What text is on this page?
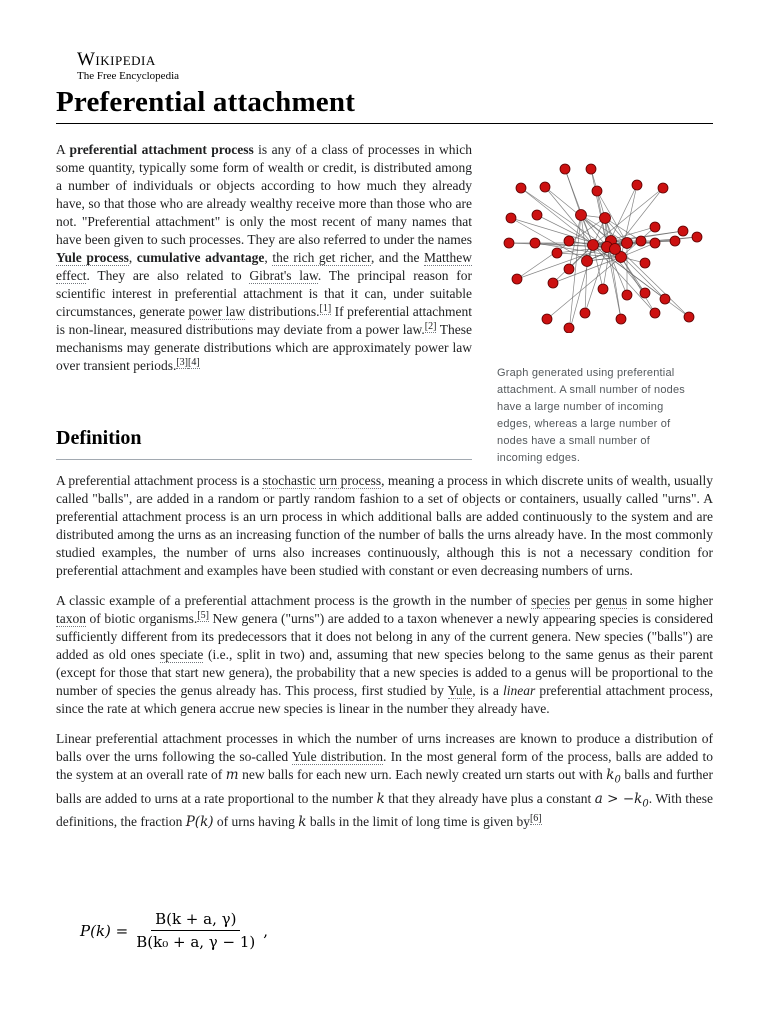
Wikipedia
The Free Encyclopedia
Preferential attachment

A preferential attachment process is any of a class of processes in which some quantity, typically some form of wealth or credit, is distributed among a number of individuals or objects according to how much they already have, so that those who are already wealthy receive more than those who are not. "Preferential attachment" is only the most recent of many names that have been given to such processes. They are also referred to under the names Yule process, cumulative advantage, the rich get richer, and the Matthew effect. They are also related to Gibrat's law. The principal reason for scientific interest in preferential attachment is that it can, under suitable circumstances, generate power law distributions.[1] If preferential attachment is non-linear, measured distributions may deviate from a power law.[2] These mechanisms may generate distributions which are approximately power law over transient periods.[3][4]

Graph generated using preferential attachment. A small number of nodes have a large number of incoming edges, whereas a large number of nodes have a small number of incoming edges.
Definition

A preferential attachment process is a stochastic urn process, meaning a process in which discrete units of wealth, usually called "balls", are added in a random or partly random fashion to a set of objects or containers, usually called "urns". A preferential attachment process is an urn process in which additional balls are added continuously to the system and are distributed among the urns as an increasing function of the number of balls the urns already have. In the most commonly studied examples, the number of urns also increases continuously, although this is not a necessary condition for preferential attachment and examples have been studied with constant or even decreasing numbers of urns.

A classic example of a preferential attachment process is the growth in the number of species per genus in some higher taxon of biotic organisms.[5] New genera ("urns") are added to a taxon whenever a newly appearing species is considered sufficiently different from its predecessors that it does not belong in any of the current genera. New species ("balls") are added as old ones speciate (i.e., split in two) and, assuming that new species belong to the same genus as their parent (except for those that start new genera), the probability that a new species is added to a genus will be proportional to the number of species the genus already has. This process, first studied by Yule, is a linear preferential attachment process, since the rate at which genera accrue new species is linear in the number they already have.

Linear preferential attachment processes in which the number of urns increases are known to produce a distribution of balls over the urns following the so-called Yule distribution. In the most general form of the process, balls are added to the system at an overall rate of m new balls for each new urn. Each newly created urn starts out with $k_0$ balls and further balls are added to urns at a rate proportional to the number k that they already have plus a constant $a > -k_0$. With these definitions, the fraction P(k) of urns having k balls in the limit of long time is given by[6]

$P(k) = \frac{B(k + a, \gamma)}{\text{B(k₀ + a, γ − 1)}}$ ,
